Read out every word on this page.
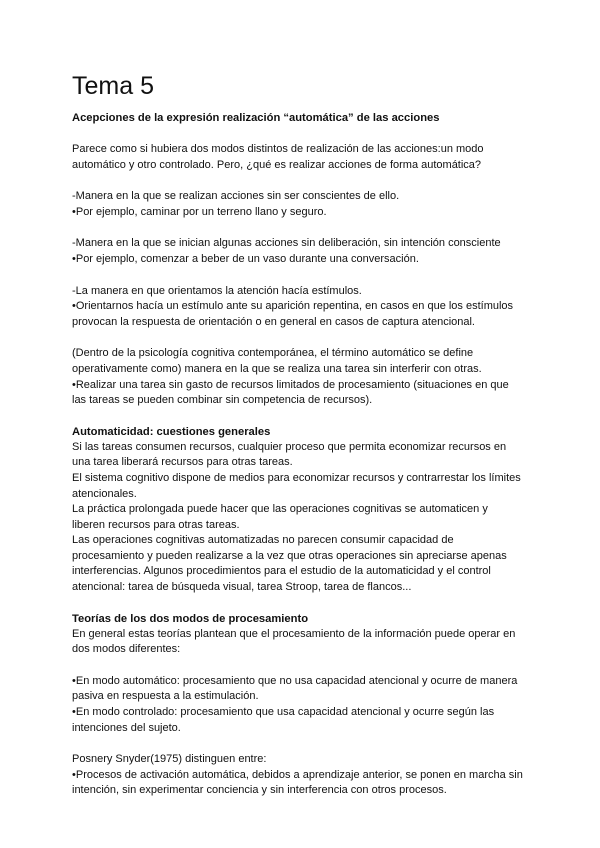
Tema 5
Acepciones de la expresión realización “automática” de las acciones
Parece como si hubiera dos modos distintos de realización de las acciones:un modo
automático y otro controlado. Pero, ¿qué es realizar acciones de forma automática?
-Manera en la que se realizan acciones sin ser conscientes de ello.
•Por ejemplo, caminar por un terreno llano y seguro.
-Manera en la que se inician algunas acciones sin deliberación, sin intención consciente
•Por ejemplo, comenzar a beber de un vaso durante una conversación.
-La manera en que orientamos la atención hacía estímulos.
•Orientarnos hacía un estímulo ante su aparición repentina, en casos en que los estímulos
provocan la respuesta de orientación o en general en casos de captura atencional.
(Dentro de la psicología cognitiva contemporánea, el término automático se define
operativamente como) manera en la que se realiza una tarea sin interferir con otras.
•Realizar una tarea sin gasto de recursos limitados de procesamiento (situaciones en que
las tareas se pueden combinar sin competencia de recursos).
Automaticidad: cuestiones generales
Si las tareas consumen recursos, cualquier proceso que permita economizar recursos en
una tarea liberará recursos para otras tareas.
El sistema cognitivo dispone de medios para economizar recursos y contrarrestar los límites
atencionales.
La práctica prolongada puede hacer que las operaciones cognitivas se automaticen y
liberen recursos para otras tareas.
Las operaciones cognitivas automatizadas no parecen consumir capacidad de
procesamiento y pueden realizarse a la vez que otras operaciones sin apreciarse apenas
interferencias. Algunos procedimientos para el estudio de la automaticidad y el control
atencional: tarea de búsqueda visual, tarea Stroop, tarea de flancos...
Teorías de los dos modos de procesamiento
En general estas teorías plantean que el procesamiento de la información puede operar en
dos modos diferentes:
•En modo automático: procesamiento que no usa capacidad atencional y ocurre de manera
pasiva en respuesta a la estimulación.
•En modo controlado: procesamiento que usa capacidad atencional y ocurre según las
intenciones del sujeto.
Posnery Snyder(1975) distinguen entre:
•Procesos de activación automática, debidos a aprendizaje anterior, se ponen en marcha sin
intención, sin experimentar conciencia y sin interferencia con otros procesos.
